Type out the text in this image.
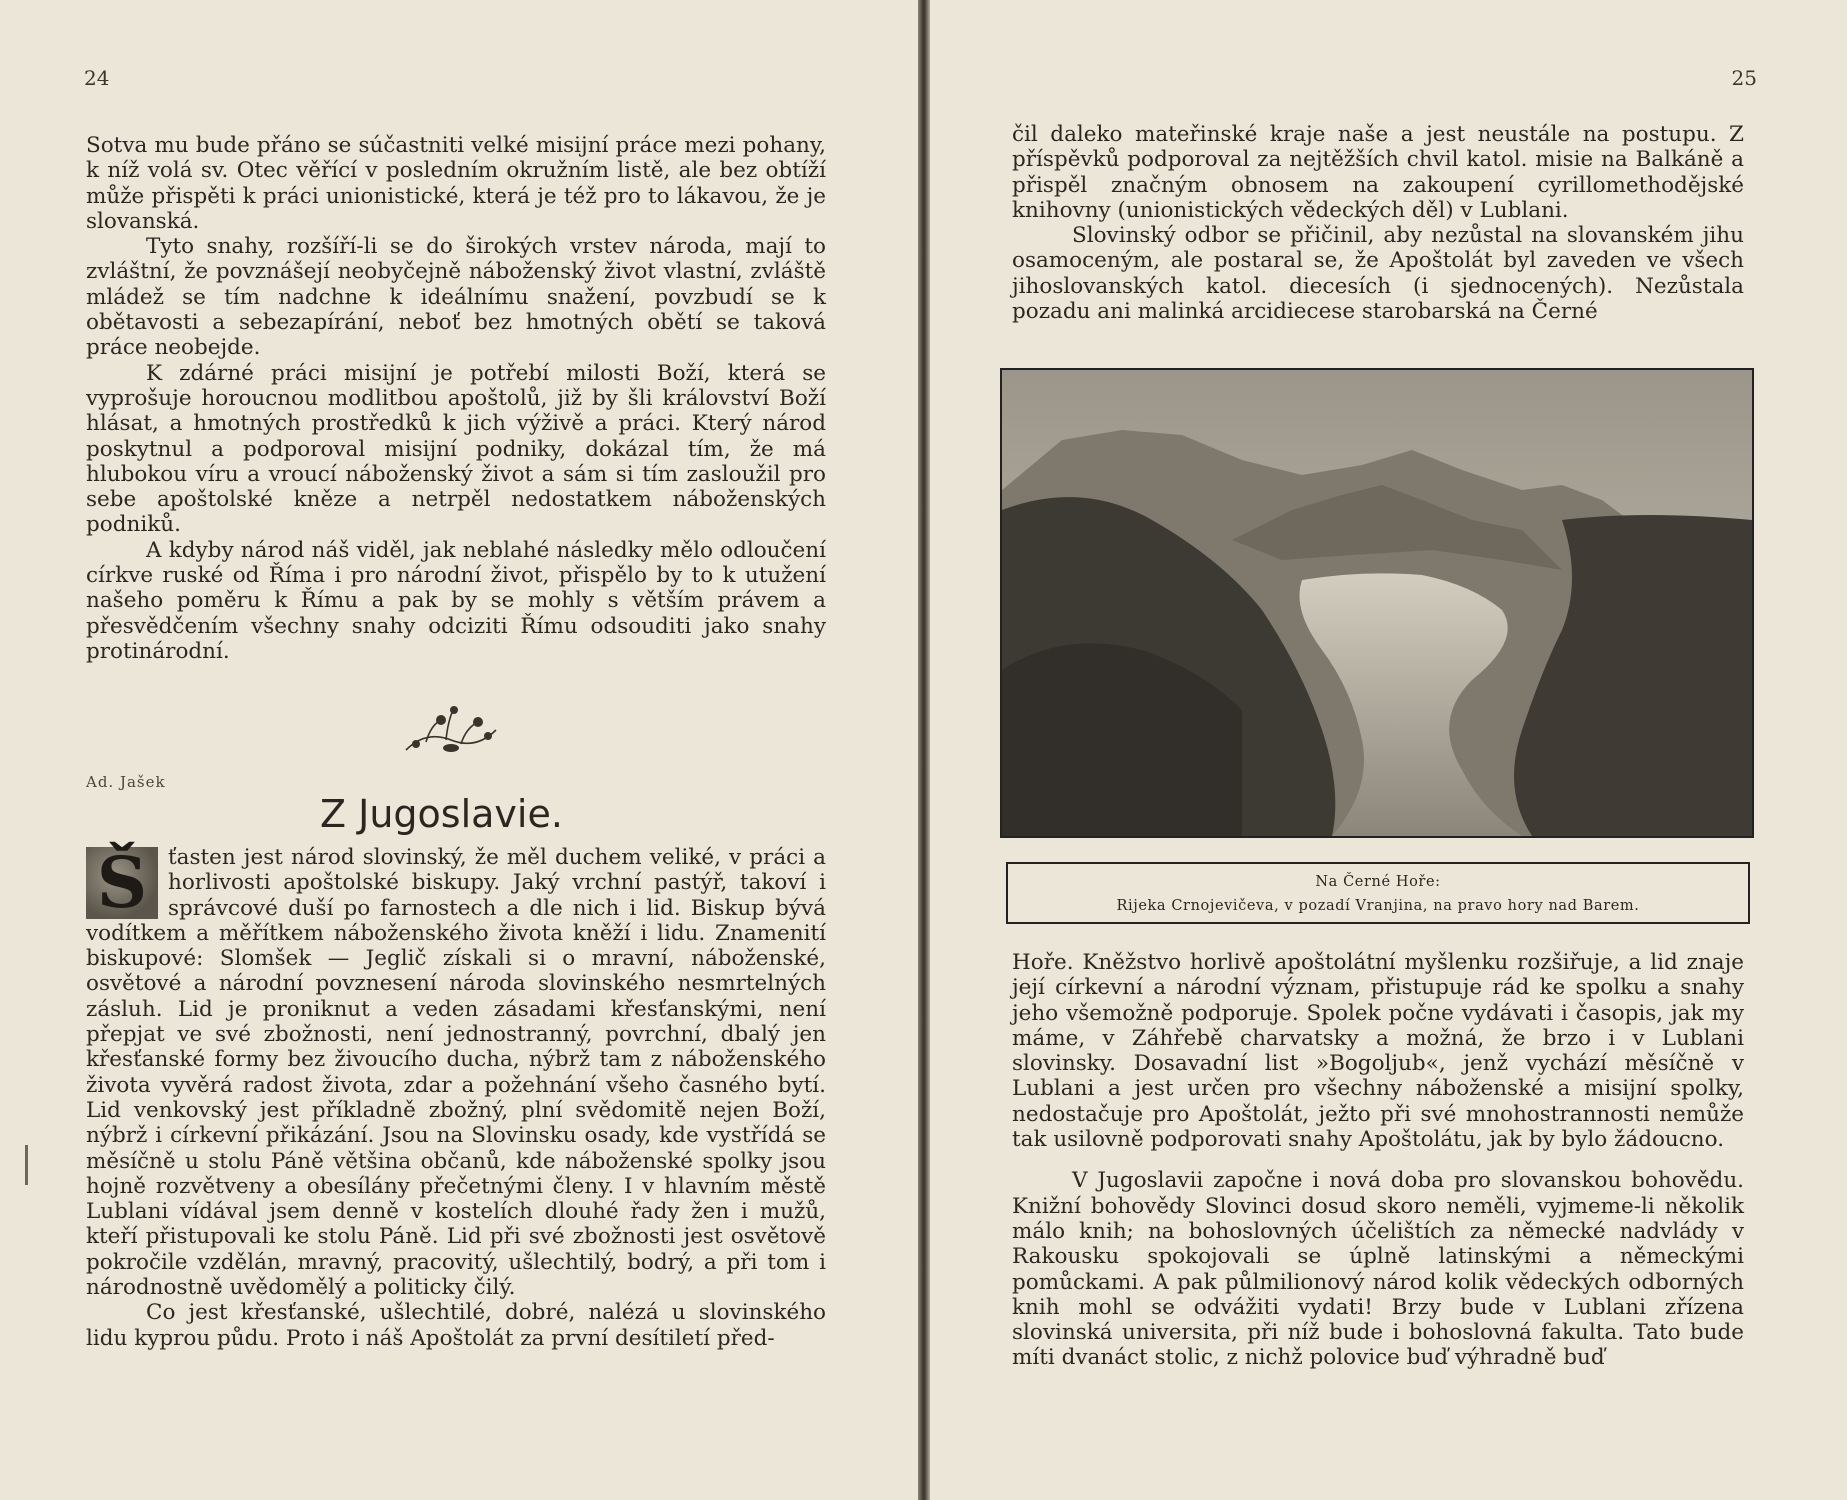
24

Sotva mu bude přáno se súčastniti velké misijní práce mezi pohany, k níž volá sv. Otec věřící v posledním okružním listě, ale bez obtíží může přispěti k práci unionistické, která je též pro to lákavou, že je slovanská.

Tyto snahy, rozšíří-li se do širokých vrstev národa, mají to zvláštní, že povznášejí neobyčejně náboženský život vlastní, zvláště mládež se tím nadchne k ideálnímu snažení, povzbudí se k obětavosti a sebezapírání, neboť bez hmotných obětí se taková práce neobejde.

K zdárné práci misijní je potřebí milosti Boží, která se vyprošuje horoucnou modlitbou apoštolů, již by šli království Boží hlásat, a hmotných prostředků k jich výživě a práci. Který národ poskytnul a podporoval misijní podniky, dokázal tím, že má hlubokou víru a vroucí náboženský život a sám si tím zasloužil pro sebe apoštolské kněze a netrpěl nedostatkem náboženských podniků.

A kdyby národ náš viděl, jak neblahé následky mělo odloučení církve ruské od Říma i pro národní život, přispělo by to k utužení našeho poměru k Římu a pak by se mohly s větším právem a přesvědčením všechny snahy odciziti Římu odsouditi jako snahy protinárodní.

Ad. Jašek
Z Jugoslavie.

Š ťasten jest národ slovinský, že měl duchem veliké, v práci a horlivosti apoštolské biskupy. Jaký vrchní pastýř, takoví i správcové duší po farnostech a dle nich i lid. Biskup bývá vodítkem a měřítkem náboženského života kněží i lidu. Znamenití biskupové: Slomšek — Jeglič získali si o mravní, náboženské, osvětové a národní povznesení národa slovinského nesmrtelných zásluh. Lid je proniknut a veden zásadami křesťanskými, není přepjat ve své zbožnosti, není jednostranný, povrchní, dbalý jen křesťanské formy bez živoucího ducha, nýbrž tam z náboženského života vyvěrá radost života, zdar a požehnání všeho časného bytí. Lid venkovský jest příkladně zbožný, plní svědomitě nejen Boží, nýbrž i církevní přikázání. Jsou na Slovinsku osady, kde vystřídá se měsíčně u stolu Páně většina občanů, kde náboženské spolky jsou hojně rozvětveny a obesílány přečetnými členy. I v hlavním městě Lublani vídával jsem denně v kostelích dlouhé řady žen i mužů, kteří přistupovali ke stolu Páně. Lid při své zbožnosti jest osvětově pokročile vzdělán, mravný, pracovitý, ušlechtilý, bodrý, a při tom i národnostně uvědomělý a politicky čilý.

Co jest křesťanské, ušlechtilé, dobré, nalézá u slovinského lidu kyprou půdu. Proto i náš Apoštolát za první desítiletí před-

25

čil daleko mateřinské kraje naše a jest neustále na postupu. Z příspěvků podporoval za nejtěžších chvil katol. misie na Balkáně a přispěl značným obnosem na zakoupení cyrillomethodějské knihovny (unionistických vědeckých děl) v Lublani.

Slovinský odbor se přičinil, aby nezůstal na slovanském jihu osamoceným, ale postaral se, že Apoštolát byl zaveden ve všech jihoslovanských katol. diecesích (i sjednocených). Nezůstala pozadu ani malinká arcidiecese starobarská na Černé

Na Černé Hoře:
Rijeka Crnojevičeva, v pozadí Vranjina, na pravo hory nad Barem.

Hoře. Kněžstvo horlivě apoštolátní myšlenku rozšiřuje, a lid znaje její církevní a národní význam, přistupuje rád ke spolku a snahy jeho všemožně podporuje. Spolek počne vydávati i časopis, jak my máme, v Záhřebě charvatsky a možná, že brzo i v Lublani slovinsky. Dosavadní list »Bogoljub«, jenž vychází měsíčně v Lublani a jest určen pro všechny náboženské a misijní spolky, nedostačuje pro Apoštolát, ježto při své mnohostrannosti nemůže tak usilovně podporovati snahy Apoštolátu, jak by bylo žádoucno.

V Jugoslavii započne i nová doba pro slovanskou bohovědu. Knižní bohovědy Slovinci dosud skoro neměli, vyjmeme-li několik málo knih; na bohoslovných účelištích za německé nadvlády v Rakousku spokojovali se úplně latinskými a německými pomůckami. A pak půlmilionový národ kolik vědeckých odborných knih mohl se odvážiti vydati! Brzy bude v Lublani zřízena slovinská universita, při níž bude i bohoslovná fakulta. Tato bude míti dvanáct stolic, z nichž polovice buď výhradně buď
